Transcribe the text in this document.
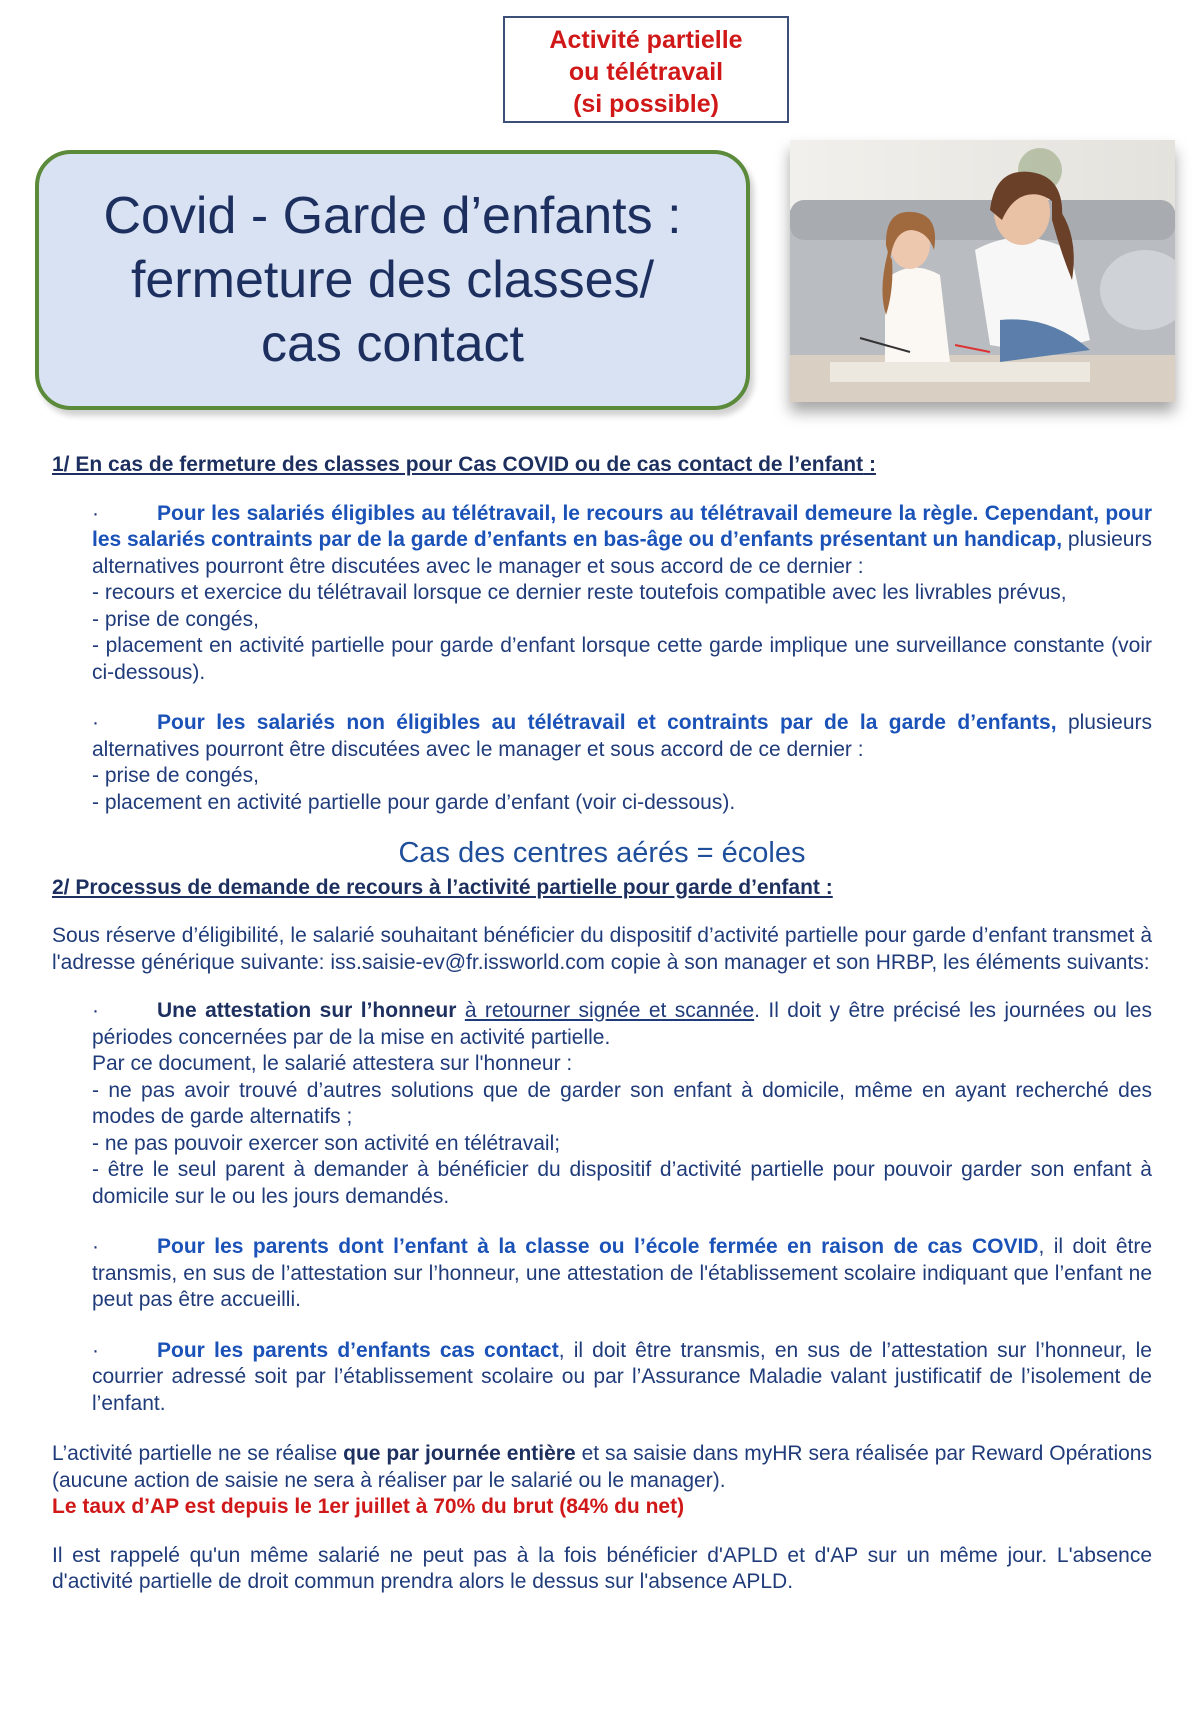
Activité partielle
ou télétravail
(si possible)
Covid - Garde d’enfants :
fermeture des classes/
cas contact

1/ En cas de fermeture des classes pour Cas COVID ou de cas contact de l’enfant :

·	Pour les salariés éligibles au télétravail, le recours au télétravail demeure la règle. Cependant, pour les salariés contraints par de la garde d’enfants en bas-âge ou d’enfants présentant un handicap, plusieurs alternatives pourront être discutées avec le manager et sous accord de ce dernier :
- recours et exercice du télétravail lorsque ce dernier reste toutefois compatible avec les livrables prévus,
- prise de congés,
- placement en activité partielle pour garde d’enfant lorsque cette garde implique une surveillance constante (voir ci-dessous).
·	Pour les salariés non éligibles au télétravail et contraints par de la garde d’enfants, plusieurs alternatives pourront être discutées avec le manager et sous accord de ce dernier :
- prise de congés,
- placement en activité partielle pour garde d’enfant (voir ci-dessous).
Cas des centres aérés = écoles

2/ Processus de demande de recours à l’activité partielle pour garde d’enfant :

Sous réserve d’éligibilité, le salarié souhaitant bénéficier du dispositif d’activité partielle pour garde d’enfant transmet à l'adresse générique suivante: iss.saisie-ev@fr.issworld.com copie à son manager et son HRBP, les éléments suivants:
·	Une attestation sur l’honneur à retourner signée et scannée. Il doit y être précisé les journées ou les périodes concernées par de la mise en activité partielle.
Par ce document, le salarié attestera sur l'honneur :
- ne pas avoir trouvé d’autres solutions que de garder son enfant à domicile, même en ayant recherché des modes de garde alternatifs ;
- ne pas pouvoir exercer son activité en télétravail;
- être le seul parent à demander à bénéficier du dispositif d’activité partielle pour pouvoir garder son enfant à domicile sur le ou les jours demandés.
·	Pour les parents dont l’enfant à la classe ou l’école fermée en raison de cas COVID, il doit être transmis, en sus de l’attestation sur l’honneur, une attestation de l'établissement scolaire indiquant que l’enfant ne peut pas être accueilli.
·	Pour les parents d’enfants cas contact, il doit être transmis, en sus de l’attestation sur l’honneur, le courrier adressé soit par l’établissement scolaire ou par l’Assurance Maladie valant justificatif de l’isolement de l’enfant.
L’activité partielle ne se réalise que par journée entière et sa saisie dans myHR sera réalisée par Reward Opérations (aucune action de saisie ne sera à réaliser par le salarié ou le manager).
Le taux d’AP est depuis le 1er juillet à 70% du brut (84% du net)
Il est rappelé qu'un même salarié ne peut pas à la fois bénéficier d'APLD et d'AP sur un même jour. L'absence d'activité partielle de droit commun prendra alors le dessus sur l'absence APLD.
